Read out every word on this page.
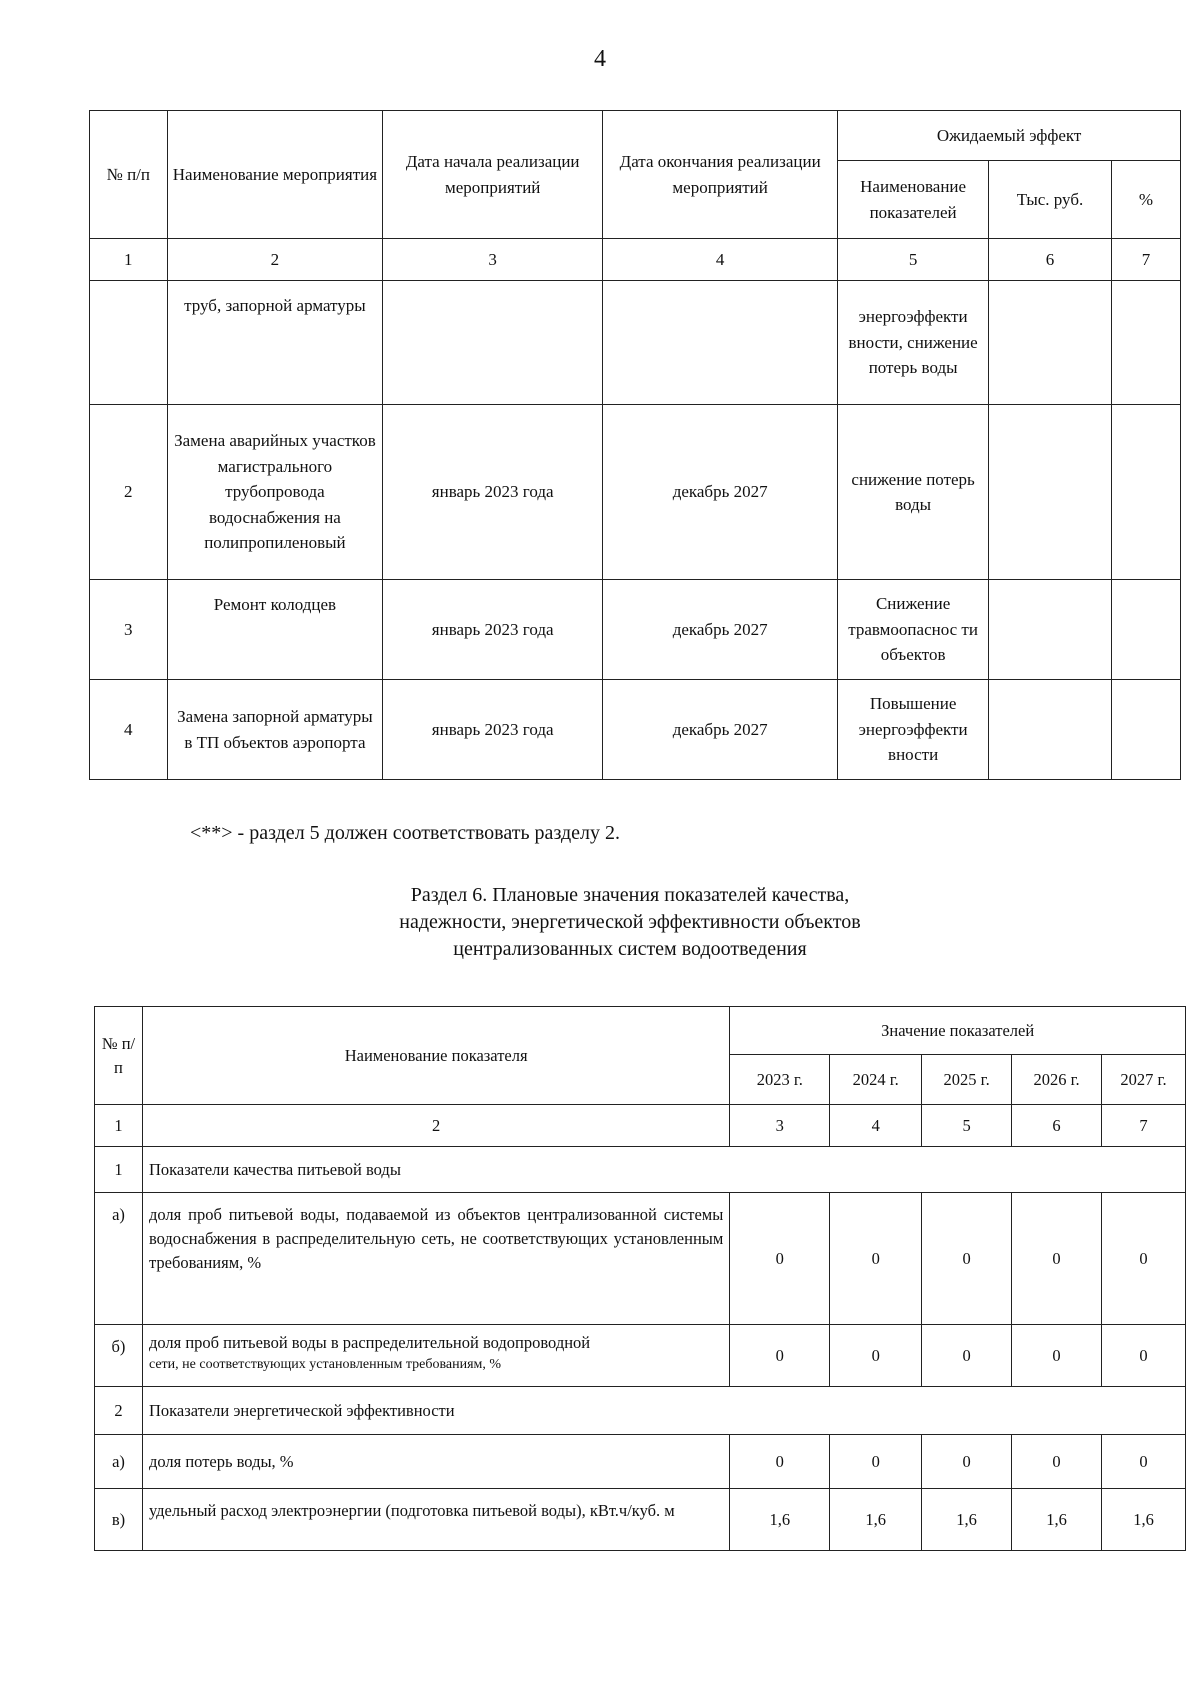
4
№ п/п	Наименование мероприятия	Дата начала реализации мероприятий	Дата окончания реализации мероприятий	Ожидаемый эффект		
				Наименование показателей	Тыс. руб.	%
1	2	3	4	5	6	7
	труб, запорной арматуры			энергоэффекти вности, снижение потерь воды		
2	Замена аварийных участков магистрального трубопровода водоснабжения на полипропиленовый	январь 2023 года	декабрь 2027	снижение потерь воды		
3	Ремонт колодцев	январь 2023 года	декабрь 2027	Снижение травмоопаснос ти объектов		
4	Замена запорной арматуры в ТП объектов аэропорта	январь 2023 года	декабрь 2027	Повышение энергоэффекти вности		
<**> - раздел 5 должен соответствовать разделу 2.
Раздел 6. Плановые значения показателей качества,
надежности, энергетической эффективности объектов
централизованных систем водоотведения
№ п/п	Наименование показателя	Значение показателей				
		2023 г.	2024 г.	2025 г.	2026 г.	2027 г.
1	2	3	4	5	6	7
1	Показатели качества питьевой воды					
а)	доля проб питьевой воды, подаваемой из объектов централизованной системы водоснабжения в распределительную сеть, не соответствующих установленным требованиям, %	0	0	0	0	0
б)	доля проб питьевой воды в распределительной водопроводной
сети, не соответствующих установленным требованиям, %	0	0	0	0	0
2	Показатели энергетической эффективности					
а)	доля потерь воды, %	0	0	0	0	0
в)	удельный расход электроэнергии (подготовка питьевой воды), кВт.ч/куб. м	1,6	1,6	1,6	1,6	1,6
